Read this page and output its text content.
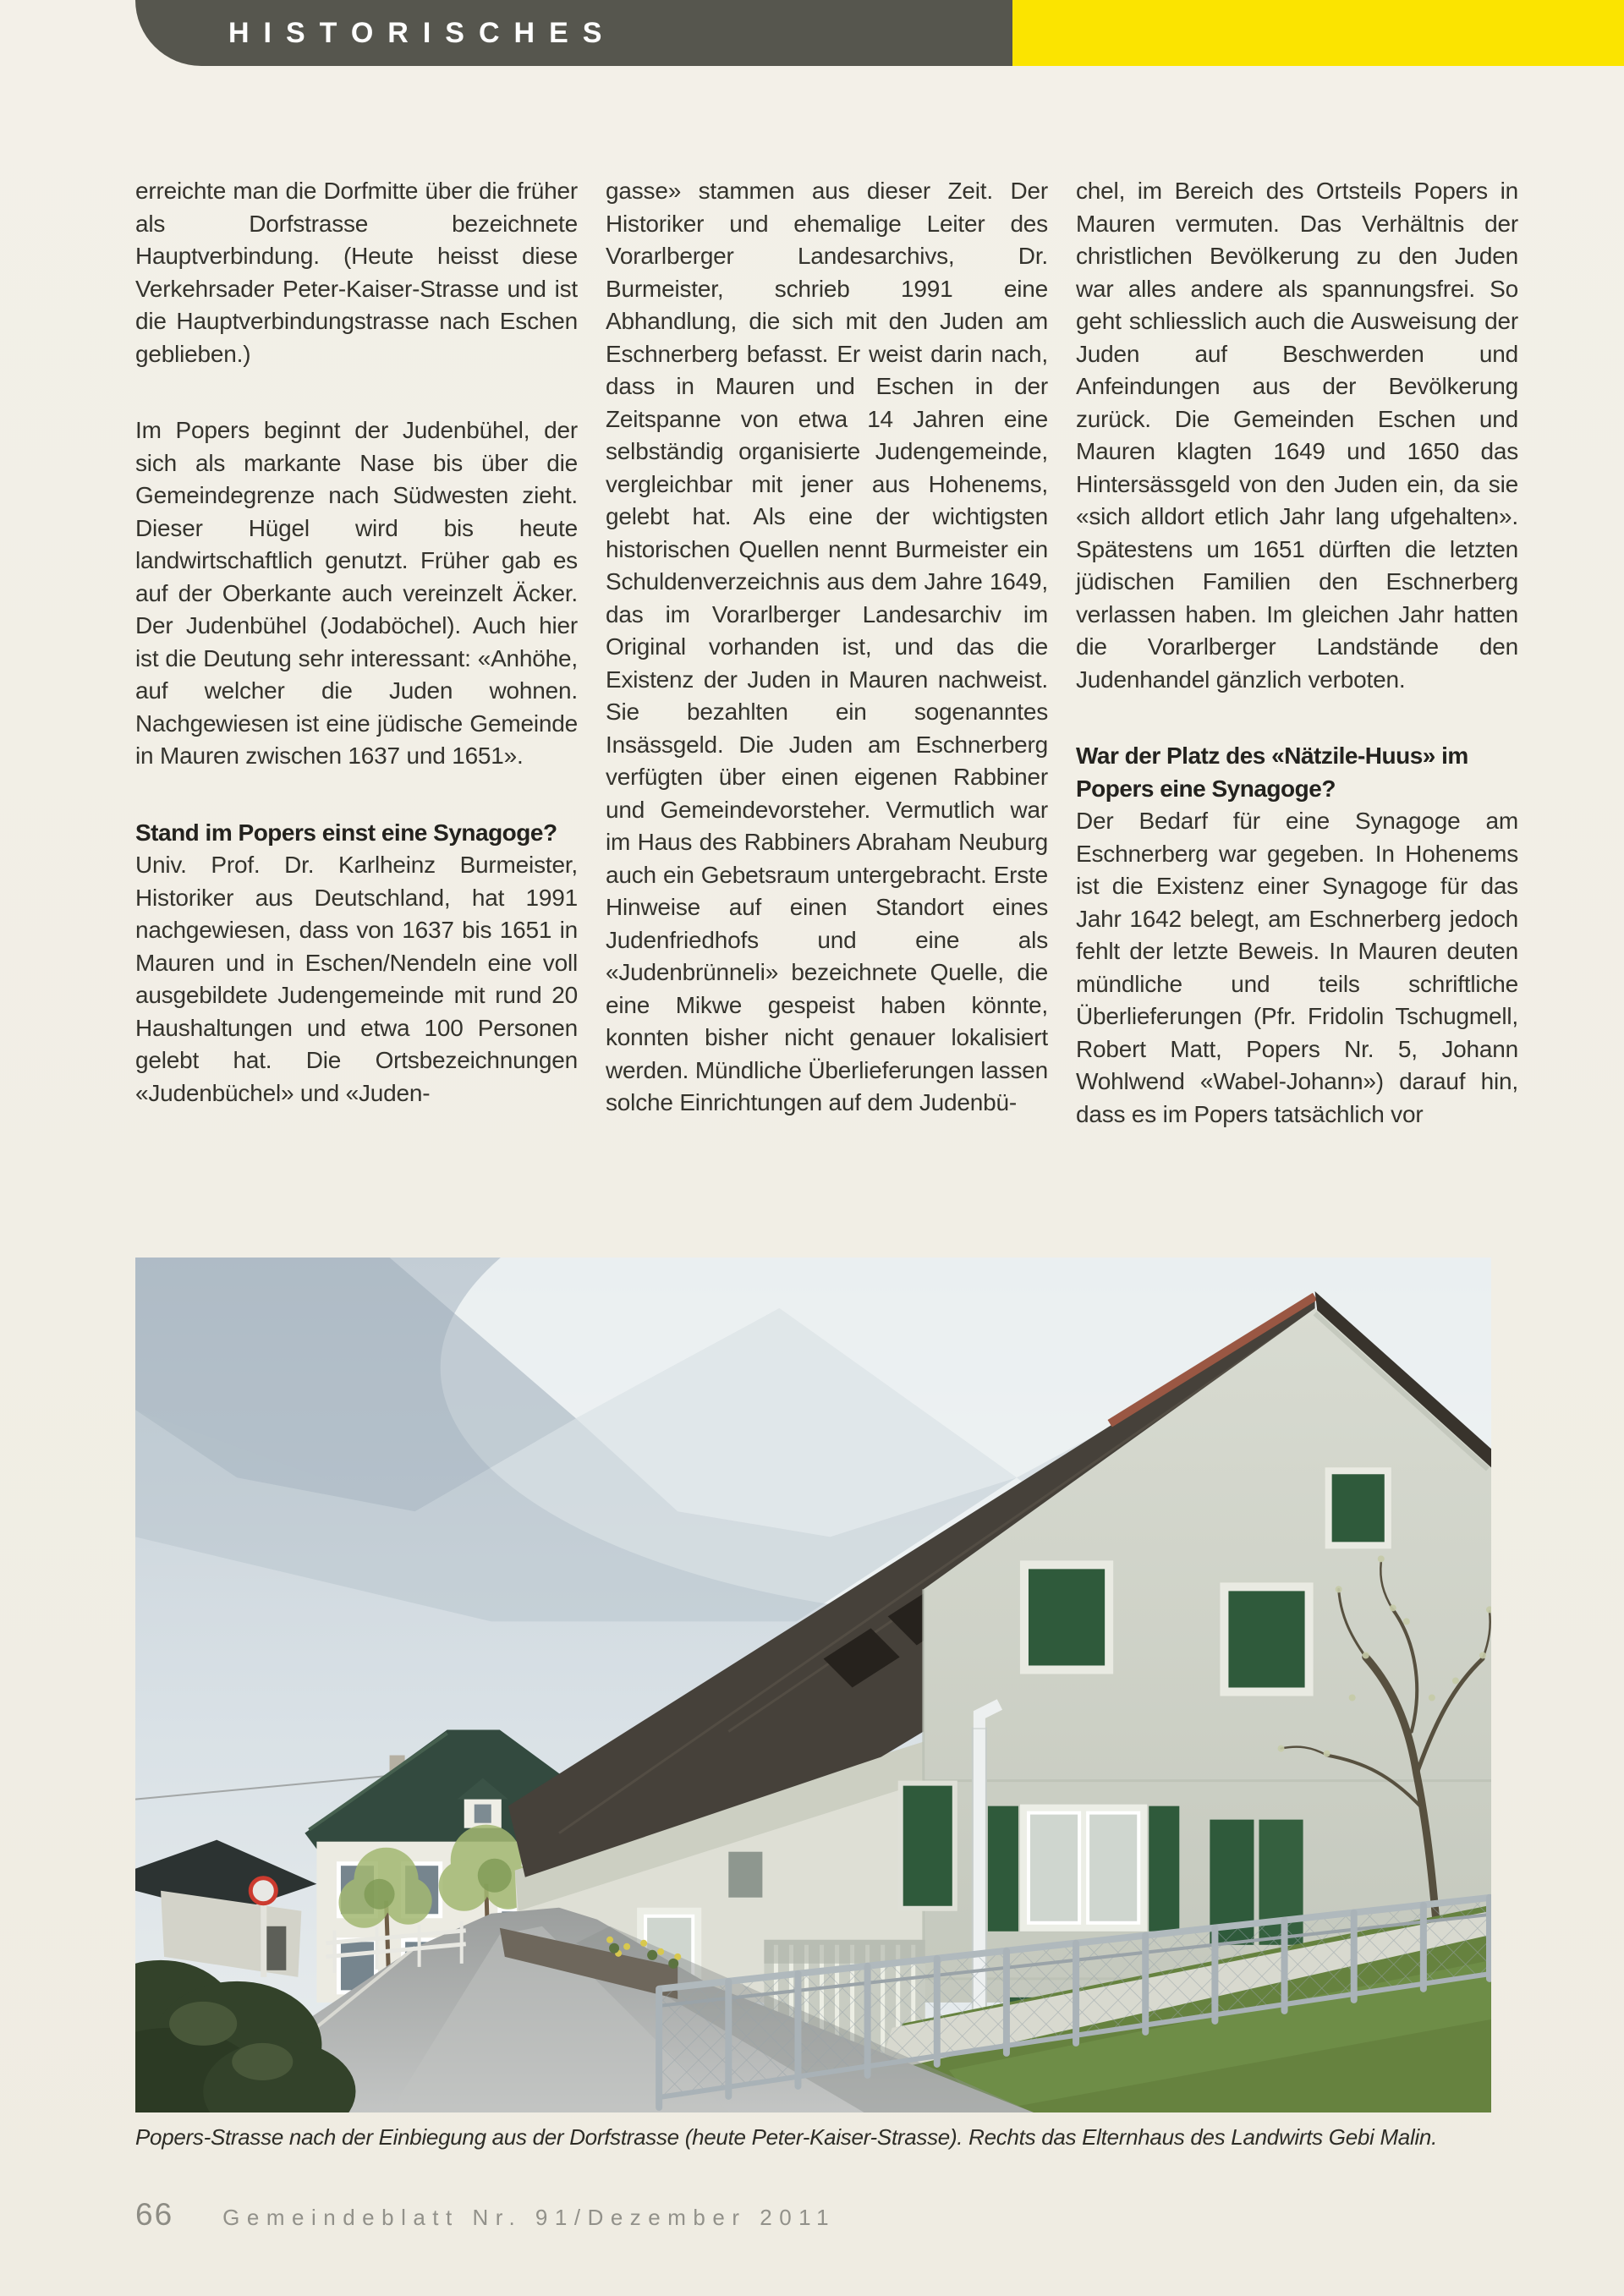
HISTORISCHES

erreichte man die Dorfmitte über die früher als Dorfstrasse bezeichnete Hauptverbindung. (Heute heisst diese Verkehrsader Peter-Kaiser-Strasse und ist die Hauptverbindungstrasse nach Eschen geblieben.)

Im Popers beginnt der Judenbühel, der sich als markante Nase bis über die Gemeindegrenze nach Südwesten zieht. Dieser Hügel wird bis heute landwirtschaftlich genutzt. Früher gab es auf der Oberkante auch vereinzelt Äcker. Der Judenbühel (Jodaböchel). Auch hier ist die Deutung sehr interessant: «Anhöhe, auf welcher die Juden wohnen. Nachgewiesen ist eine jüdische Gemeinde in Mauren zwischen 1637 und 1651».

Stand im Popers einst eine Synagoge?

Univ. Prof. Dr. Karlheinz Burmeister, Historiker aus Deutschland, hat 1991 nachgewiesen, dass von 1637 bis 1651 in Mauren und in Eschen/Nendeln eine voll ausgebildete Judengemeinde mit rund 20 Haushaltungen und etwa 100 Personen gelebt hat. Die Ortsbezeichnungen «Judenbüchel» und «Juden-

gasse» stammen aus dieser Zeit. Der Historiker und ehemalige Leiter des Vorarlberger Landesarchivs, Dr. Burmeister, schrieb 1991 eine Abhandlung, die sich mit den Juden am Eschnerberg befasst. Er weist darin nach, dass in Mauren und Eschen in der Zeitspanne von etwa 14 Jahren eine selbständig organisierte Judengemeinde, vergleichbar mit jener aus Hohenems, gelebt hat. Als eine der wichtigsten historischen Quellen nennt Burmeister ein Schuldenverzeichnis aus dem Jahre 1649, das im Vorarlberger Landesarchiv im Original vorhanden ist, und das die Existenz der Juden in Mauren nachweist. Sie bezahlten ein sogenanntes Insässgeld. Die Juden am Eschnerberg verfügten über einen eigenen Rabbiner und Gemeindevorsteher. Vermutlich war im Haus des Rabbiners Abraham Neuburg auch ein Gebetsraum untergebracht. Erste Hinweise auf einen Standort eines Judenfriedhofs und eine als «Judenbrünneli» bezeichnete Quelle, die eine Mikwe gespeist haben könnte, konnten bisher nicht genauer lokalisiert werden. Mündliche Überlieferungen lassen solche Einrichtungen auf dem Judenbü-

chel, im Bereich des Ortsteils Popers in Mauren vermuten. Das Verhältnis der christlichen Bevölkerung zu den Juden war alles andere als spannungsfrei. So geht schliesslich auch die Ausweisung der Juden auf Beschwerden und Anfeindungen aus der Bevölkerung zurück. Die Gemeinden Eschen und Mauren klagten 1649 und 1650 das Hintersässgeld von den Juden ein, da sie «sich alldort etlich Jahr lang ufgehalten». Spätestens um 1651 dürften die letzten jüdischen Familien den Eschnerberg verlassen haben. Im gleichen Jahr hatten die Vorarlberger Landstände den Judenhandel gänzlich verboten.

War der Platz des «Nätzile-Huus» im Popers eine Synagoge?

Der Bedarf für eine Synagoge am Eschnerberg war gegeben. In Hohenems ist die Existenz einer Synagoge für das Jahr 1642 belegt, am Eschnerberg jedoch fehlt der letzte Beweis. In Mauren deuten mündliche und teils schriftliche Überlieferungen (Pfr. Fridolin Tschugmell, Robert Matt, Popers Nr. 5, Johann Wohlwend «Wabel-Johann») darauf hin, dass es im Popers tatsächlich vor

Popers-Strasse nach der Einbiegung aus der Dorfstrasse (heute Peter-Kaiser-Strasse). Rechts das Elternhaus des Landwirts Gebi Malin.
66 Gemeindeblatt Nr. 91/Dezember 2011
